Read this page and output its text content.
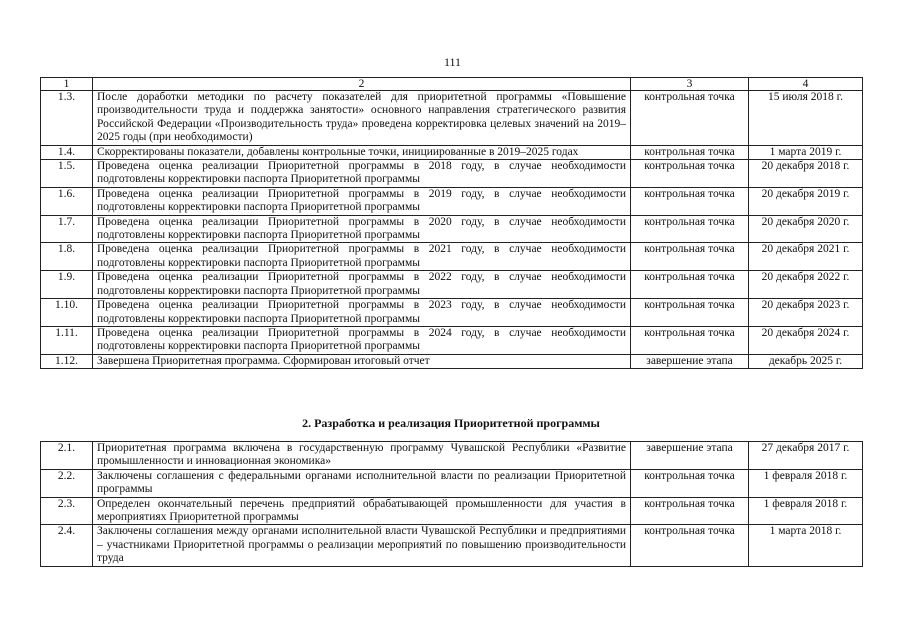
111
1	2	3	4
1.3.	После доработки методики по расчету показателей для приоритетной программы «Повышение производительности труда и поддержка занятости» основного направления стратегического развития Российской Федерации «Производительность труда» проведена корректировка целевых значений на 2019–2025 годы (при необходимости)	контрольная точка	15 июля 2018 г.
1.4.	Скорректированы показатели, добавлены контрольные точки, инициированные в 2019–2025 годах	контрольная точка	1 марта 2019 г.
1.5.	Проведена оценка реализации Приоритетной программы в 2018 году, в случае необходимости подготовлены корректировки паспорта Приоритетной программы	контрольная точка	20 декабря 2018 г.
1.6.	Проведена оценка реализации Приоритетной программы в 2019 году, в случае необходимости подготовлены корректировки паспорта Приоритетной программы	контрольная точка	20 декабря 2019 г.
1.7.	Проведена оценка реализации Приоритетной программы в 2020 году, в случае необходимости подготовлены корректировки паспорта Приоритетной программы	контрольная точка	20 декабря 2020 г.
1.8.	Проведена оценка реализации Приоритетной программы в 2021 году, в случае необходимости подготовлены корректировки паспорта Приоритетной программы	контрольная точка	20 декабря 2021 г.
1.9.	Проведена оценка реализации Приоритетной программы в 2022 году, в случае необходимости подготовлены корректировки паспорта Приоритетной программы	контрольная точка	20 декабря 2022 г.
1.10.	Проведена оценка реализации Приоритетной программы в 2023 году, в случае необходимости подготовлены корректировки паспорта Приоритетной программы	контрольная точка	20 декабря 2023 г.
1.11.	Проведена оценка реализации Приоритетной программы в 2024 году, в случае необходимости подготовлены корректировки паспорта Приоритетной программы	контрольная точка	20 декабря 2024 г.
1.12.	Завершена Приоритетная программа. Сформирован итоговый отчет	завершение этапа	декабрь 2025 г.
2. Разработка и реализация Приоритетной программы
2.1.	Приоритетная программа включена в государственную программу Чувашской Республики «Развитие промышленности и инновационная экономика»	завершение этапа	27 декабря 2017 г.
2.2.	Заключены соглашения с федеральными органами исполнительной власти по реализации Приоритетной программы	контрольная точка	1 февраля 2018 г.
2.3.	Определен окончательный перечень предприятий обрабатывающей промышленности для участия в мероприятиях Приоритетной программы	контрольная точка	1 февраля 2018 г.
2.4.	Заключены соглашения между органами исполнительной власти Чувашской Республики и предприятиями – участниками Приоритетной программы о реализации мероприятий по повышению производительности труда	контрольная точка	1 марта 2018 г.
